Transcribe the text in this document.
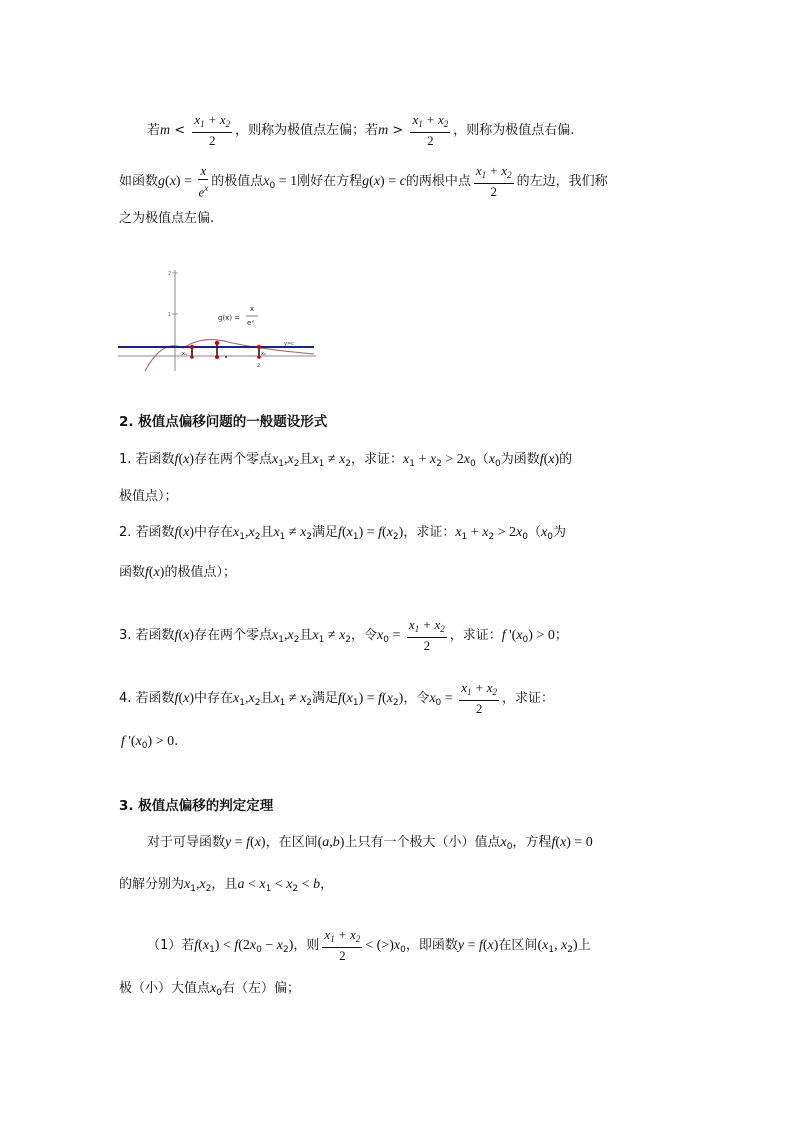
若$m < \frac{x_1 + x_2}{2}$ ，则称为极值点左偏；若$m > \frac{x_1 + x_2}{2}$ ，则称为极值点右偏.
如函数$g(x) = \frac{x}{e^x}$ 的极值点$x_0 = 1$刚好在方程g(x) = c的两根中点 $\frac{x_1 + x_2}{2}$ 的左边，我们称
之为极值点左偏.
2
1	g(x) =
x
eˣ
y=c
x₁	x₂
2
2. 极值点偏移问题的一般题设形式
1. 若函数f(x)存在两个零点$x_1,x_2$且$x_1 \ne x_2$，求证：$x_1 + x_2 > 2x_0(x_0$为函数f(x)的
极值点）；
2. 若函数f(x)中存在$x_1,x_2$且$x_1 \ne x_2$满足$f(x_1) = f(x_2)$，求证：$x_1 + x_2 > 2x_0(x_0$为
函数f(x)的极值点）；
3. 若函数f(x)存在两个零点$x_1,x_2$且$x_1 \ne x_2$，令$x_0 = \frac{x_1 + x_2}{2}$ ，求证：f '$(x_0) > 0$；
4. 若函数f(x)中存在$x_1,x_2$且$x_1 \ne x_2$满足$f(x_1) = f(x_2)$，令$x_0 = \frac{x_1 + x_2}{2}$ ，求证：
f '$(x_0) > 0$.
3. 极值点偏移的判定定理
对于可导函数y = f(x)，在区间(a,b)上只有一个极大（小）值点$x_0$，方程f(x) = 0
的解分别为$x_1,x_2$，且$a < x_1 < x_2 < b$，
（1）若$f(x_1) < f(2x_0 - x_2)$，则 $\frac{x_1 + x_2}{2} < (>)x_0$，即函数y = f(x)在区间($x_1$, $x_2$)上
极（小）大值点$x_0$右（左）偏；
